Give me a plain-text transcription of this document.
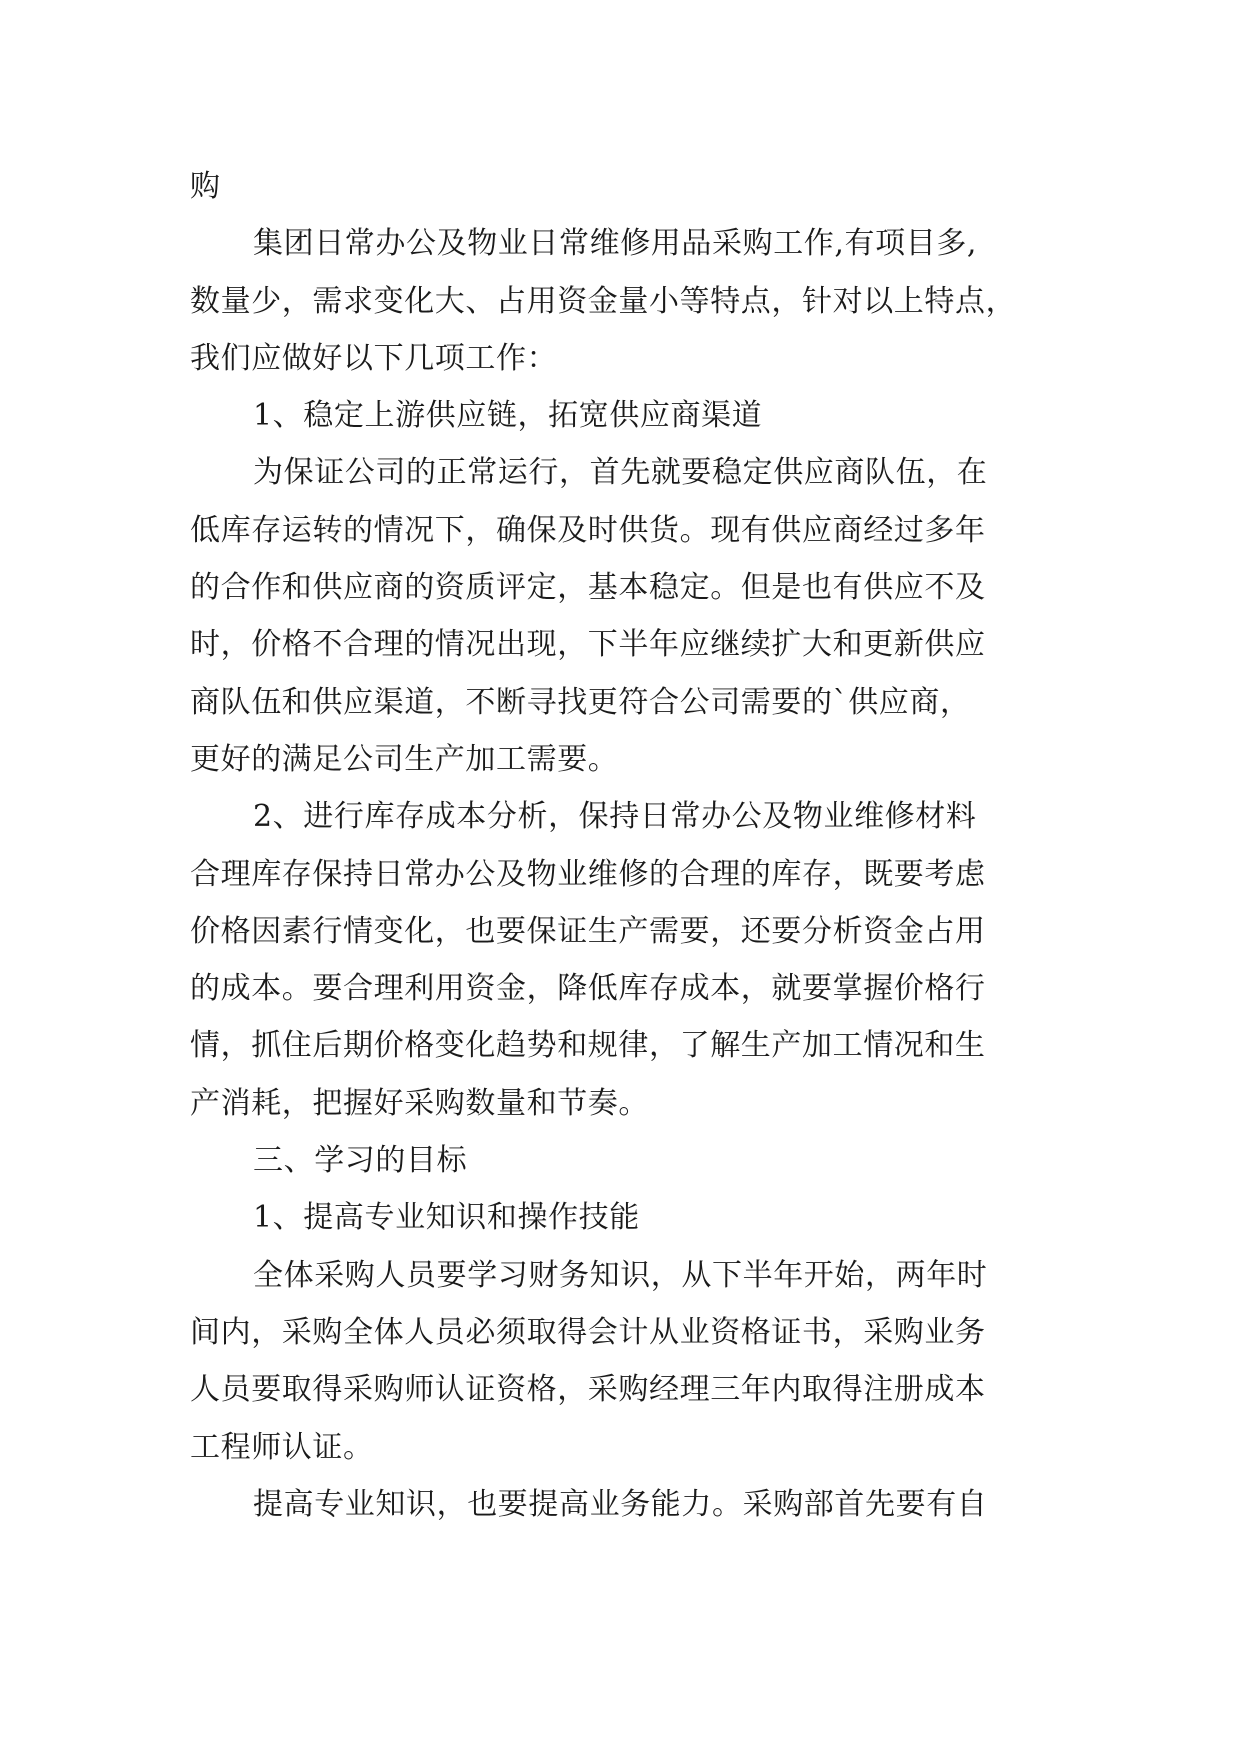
购
集团日常办公及物业日常维修用品采购工作,有项目多,
数量少，需求变化大、占用资金量小等特点，针对以上特点，
我们应做好以下几项工作：
1、稳定上游供应链，拓宽供应商渠道
为保证公司的正常运行，首先就要稳定供应商队伍，在
低库存运转的情况下，确保及时供货。现有供应商经过多年
的合作和供应商的资质评定，基本稳定。但是也有供应不及
时，价格不合理的情况出现，下半年应继续扩大和更新供应
商队伍和供应渠道，不断寻找更符合公司需要的`供应商，
更好的满足公司生产加工需要。
2、进行库存成本分析，保持日常办公及物业维修材料
合理库存保持日常办公及物业维修的合理的库存，既要考虑
价格因素行情变化，也要保证生产需要，还要分析资金占用
的成本。要合理利用资金，降低库存成本，就要掌握价格行
情，抓住后期价格变化趋势和规律，了解生产加工情况和生
产消耗，把握好采购数量和节奏。
三、学习的目标
1、提高专业知识和操作技能
全体采购人员要学习财务知识，从下半年开始，两年时
间内，采购全体人员必须取得会计从业资格证书，采购业务
人员要取得采购师认证资格，采购经理三年内取得注册成本
工程师认证。
提高专业知识，也要提高业务能力。采购部首先要有自
